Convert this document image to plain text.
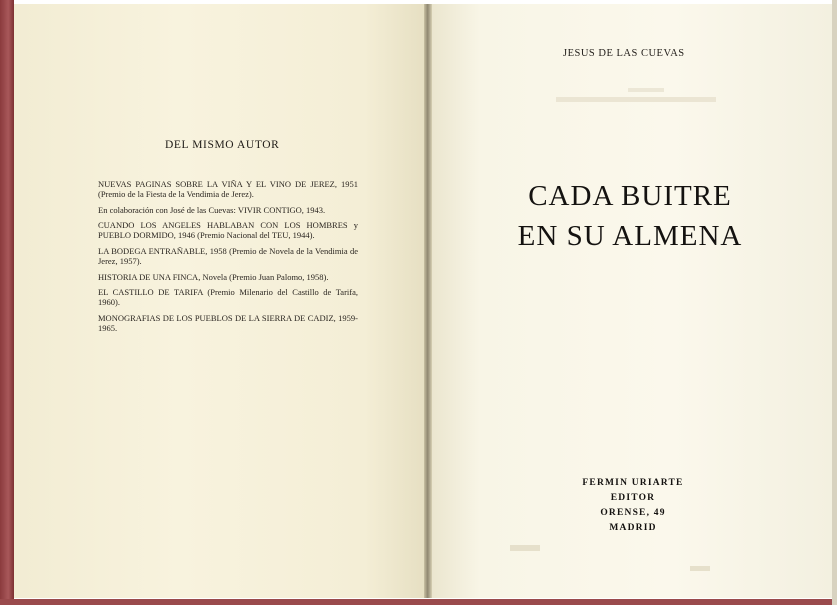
DEL MISMO AUTOR
NUEVAS PAGINAS SOBRE LA VIÑA Y EL VINO DE JEREZ, 1951 (Premio de la Fiesta de la Vendimia de Jerez).
En colaboración con José de las Cuevas: VIVIR CONTIGO, 1943.
CUANDO LOS ANGELES HABLABAN CON LOS HOMBRES y PUEBLO DORMIDO, 1946 (Premio Nacional del TEU, 1944).
LA BODEGA ENTRAÑABLE, 1958 (Premio de Novela de la Vendimia de Jerez, 1957).
HISTORIA DE UNA FINCA, Novela (Premio Juan Palomo, 1958).
EL CASTILLO DE TARIFA (Premio Milenario del Castillo de Tarifa, 1960).
MONOGRAFIAS DE LOS PUEBLOS DE LA SIERRA DE CADIZ, 1959-1965.
JESUS DE LAS CUEVAS
CADA BUITRE
EN SU ALMENA
FERMIN URIARTE
EDITOR
ORENSE, 49
MADRID
